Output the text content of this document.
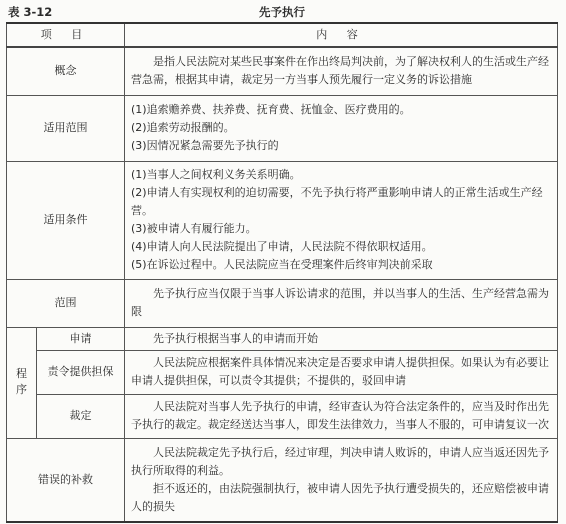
表 3-12	先予执行
项 目		内 容
概念		是指人民法院对某些民事案件在作出终局判决前，为了解决权利人的生活或生产经营急需，根据其申请，裁定另一方当事人预先履行一定义务的诉讼措施

适用范围		(1)追索赡养费、扶养费、抚育费、抚恤金、医疗费用的。

(2)追索劳动报酬的。

(3)因情况紧急需要先予执行的

适用条件		(1)当事人之间权利义务关系明确。

(2)申请人有实现权利的迫切需要，不先予执行将严重影响申请人的正常生活或生产经营。

(3)被申请人有履行能力。

(4)申请人向人民法院提出了申请，人民法院不得依职权适用。

(5)在诉讼过程中。人民法院应当在受理案件后终审判决前采取

范围		先予执行应当仅限于当事人诉讼请求的范围，并以当事人的生活、生产经营急需为限

程序	申请	先予执行根据当事人的申请而开始

	责令提供担保	人民法院应根据案件具体情况来决定是否要求申请人提供担保。如果认为有必要让申请人提供担保，可以责令其提供；不提供的，驳回申请

	裁定	人民法院对当事人先予执行的申请，经审查认为符合法定条件的，应当及时作出先予执行的裁定。裁定经送达当事人，即发生法律效力，当事人不服的，可申请复议一次

错误的补救		人民法院裁定先予执行后，经过审理，判决申请人败诉的，申请人应当返还因先予执行所取得的利益。

拒不返还的，由法院强制执行，被申请人因先予执行遭受损失的，还应赔偿被申请人的损失
